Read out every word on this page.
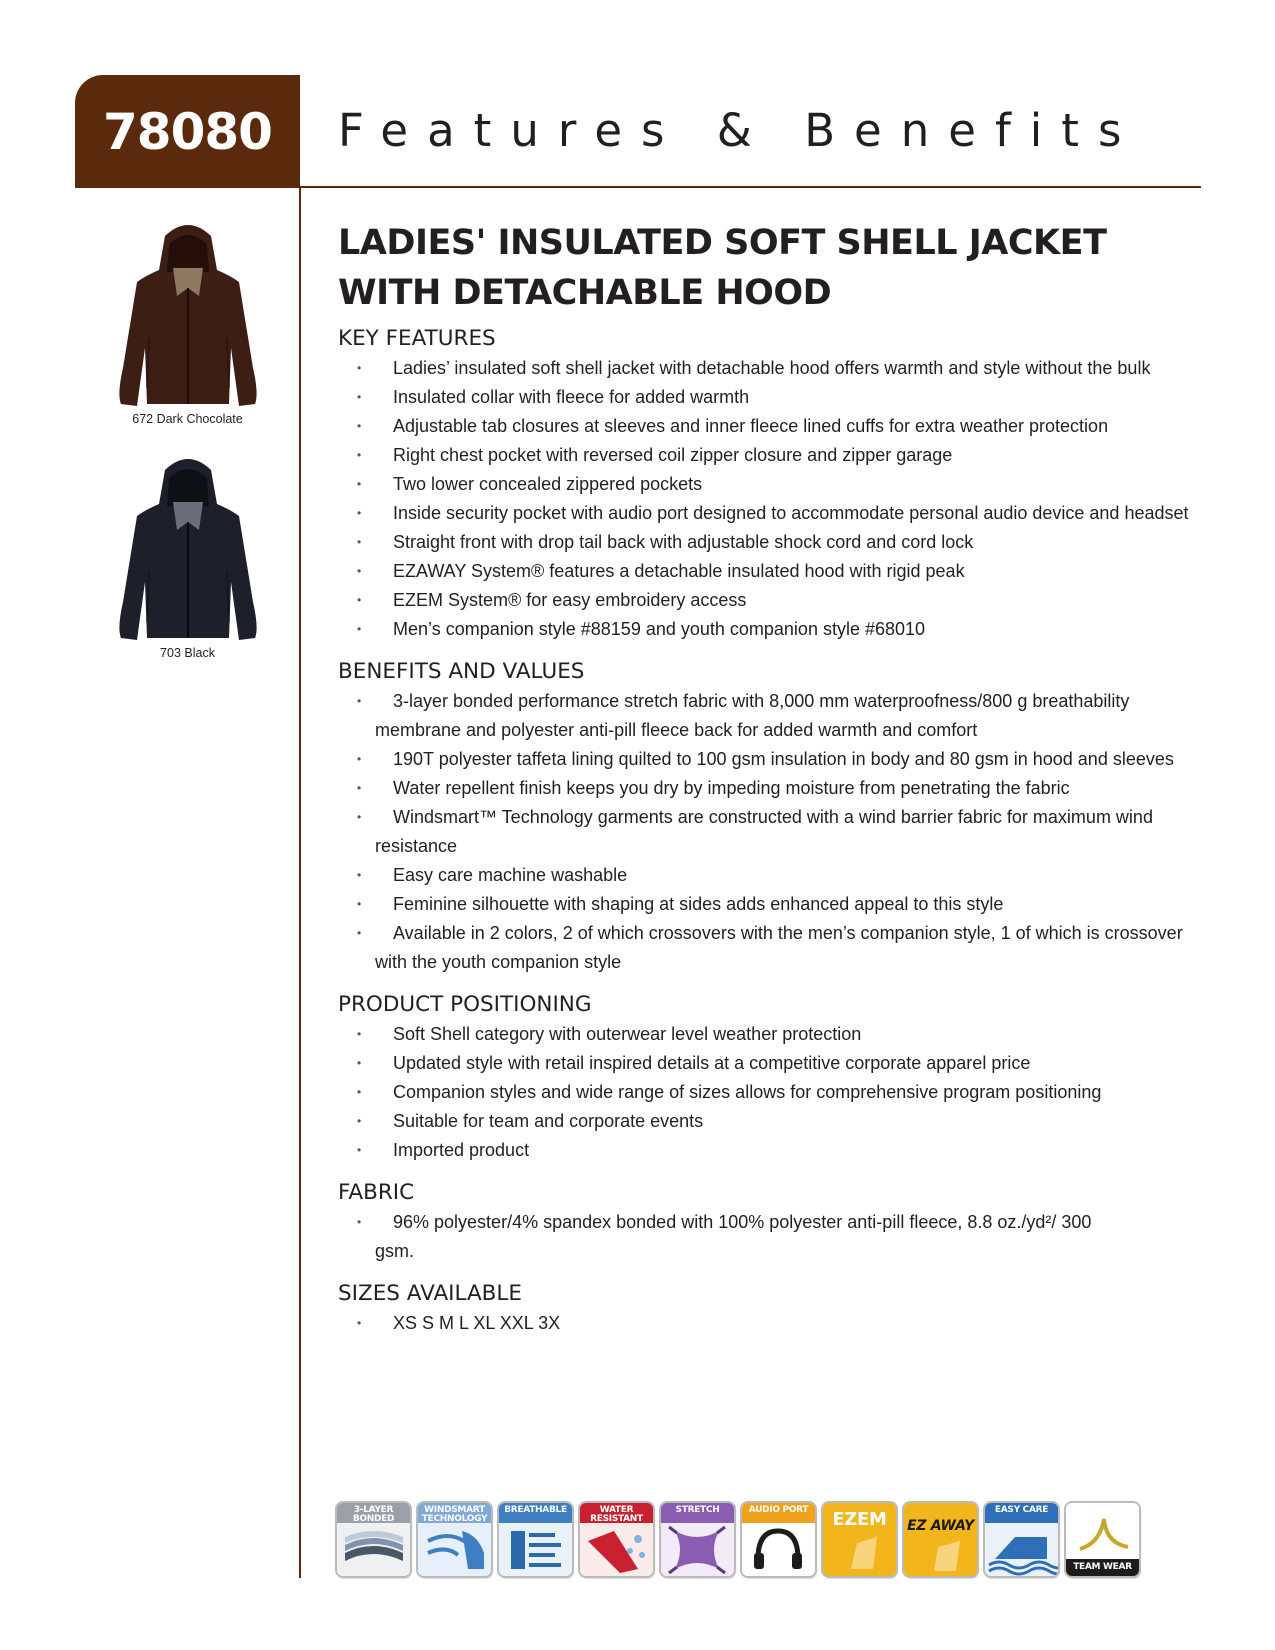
78080	Features & Benefits
672 Dark Chocolate
703 Black
LADIES' INSULATED SOFT SHELL JACKET
WITH DETACHABLE HOOD
KEY FEATURES
• Ladies’ insulated soft shell jacket with detachable hood offers warmth and style without the bulk
• Insulated collar with fleece for added warmth
• Adjustable tab closures at sleeves and inner fleece lined cuffs for extra weather protection
• Right chest pocket with reversed coil zipper closure and zipper garage
• Two lower concealed zippered pockets
• Inside security pocket with audio port designed to accommodate personal audio device and headset
• Straight front with drop tail back with adjustable shock cord and cord lock
• EZAWAY System® features a detachable insulated hood with rigid peak
• EZEM System® for easy embroidery access
• Men’s companion style #88159 and youth companion style #68010
BENEFITS AND VALUES
• 3-layer bonded performance stretch fabric with 8,000 mm waterproofness/800 g breathability membrane and polyester anti-pill fleece back for added warmth and comfort
• 190T polyester taffeta lining quilted to 100 gsm insulation in body and 80 gsm in hood and sleeves
• Water repellent finish keeps you dry by impeding moisture from penetrating the fabric
• Windsmart™ Technology garments are constructed with a wind barrier fabric for maximum wind resistance
• Easy care machine washable
• Feminine silhouette with shaping at sides adds enhanced appeal to this style
• Available in 2 colors, 2 of which crossovers with the men’s companion style, 1 of which is crossover with the youth companion style
PRODUCT POSITIONING
• Soft Shell category with outerwear level weather protection
• Updated style with retail inspired details at a competitive corporate apparel price
• Companion styles and wide range of sizes allows for comprehensive program positioning
• Suitable for team and corporate events
• Imported product
FABRIC
• 96% polyester/4% spandex bonded with 100% polyester anti-pill fleece, 8.8 oz./yd²/ 300 gsm.
SIZES AVAILABLE
• XS S M L XL XXL 3X
3-LAYER BONDED
WINDSMART TECHNOLOGY
BREATHABLE	WATER RESISTANT
STRETCH	AUDIO PORT	EZEM	EZ AWAY
EASY CARE
TEAM WEAR
